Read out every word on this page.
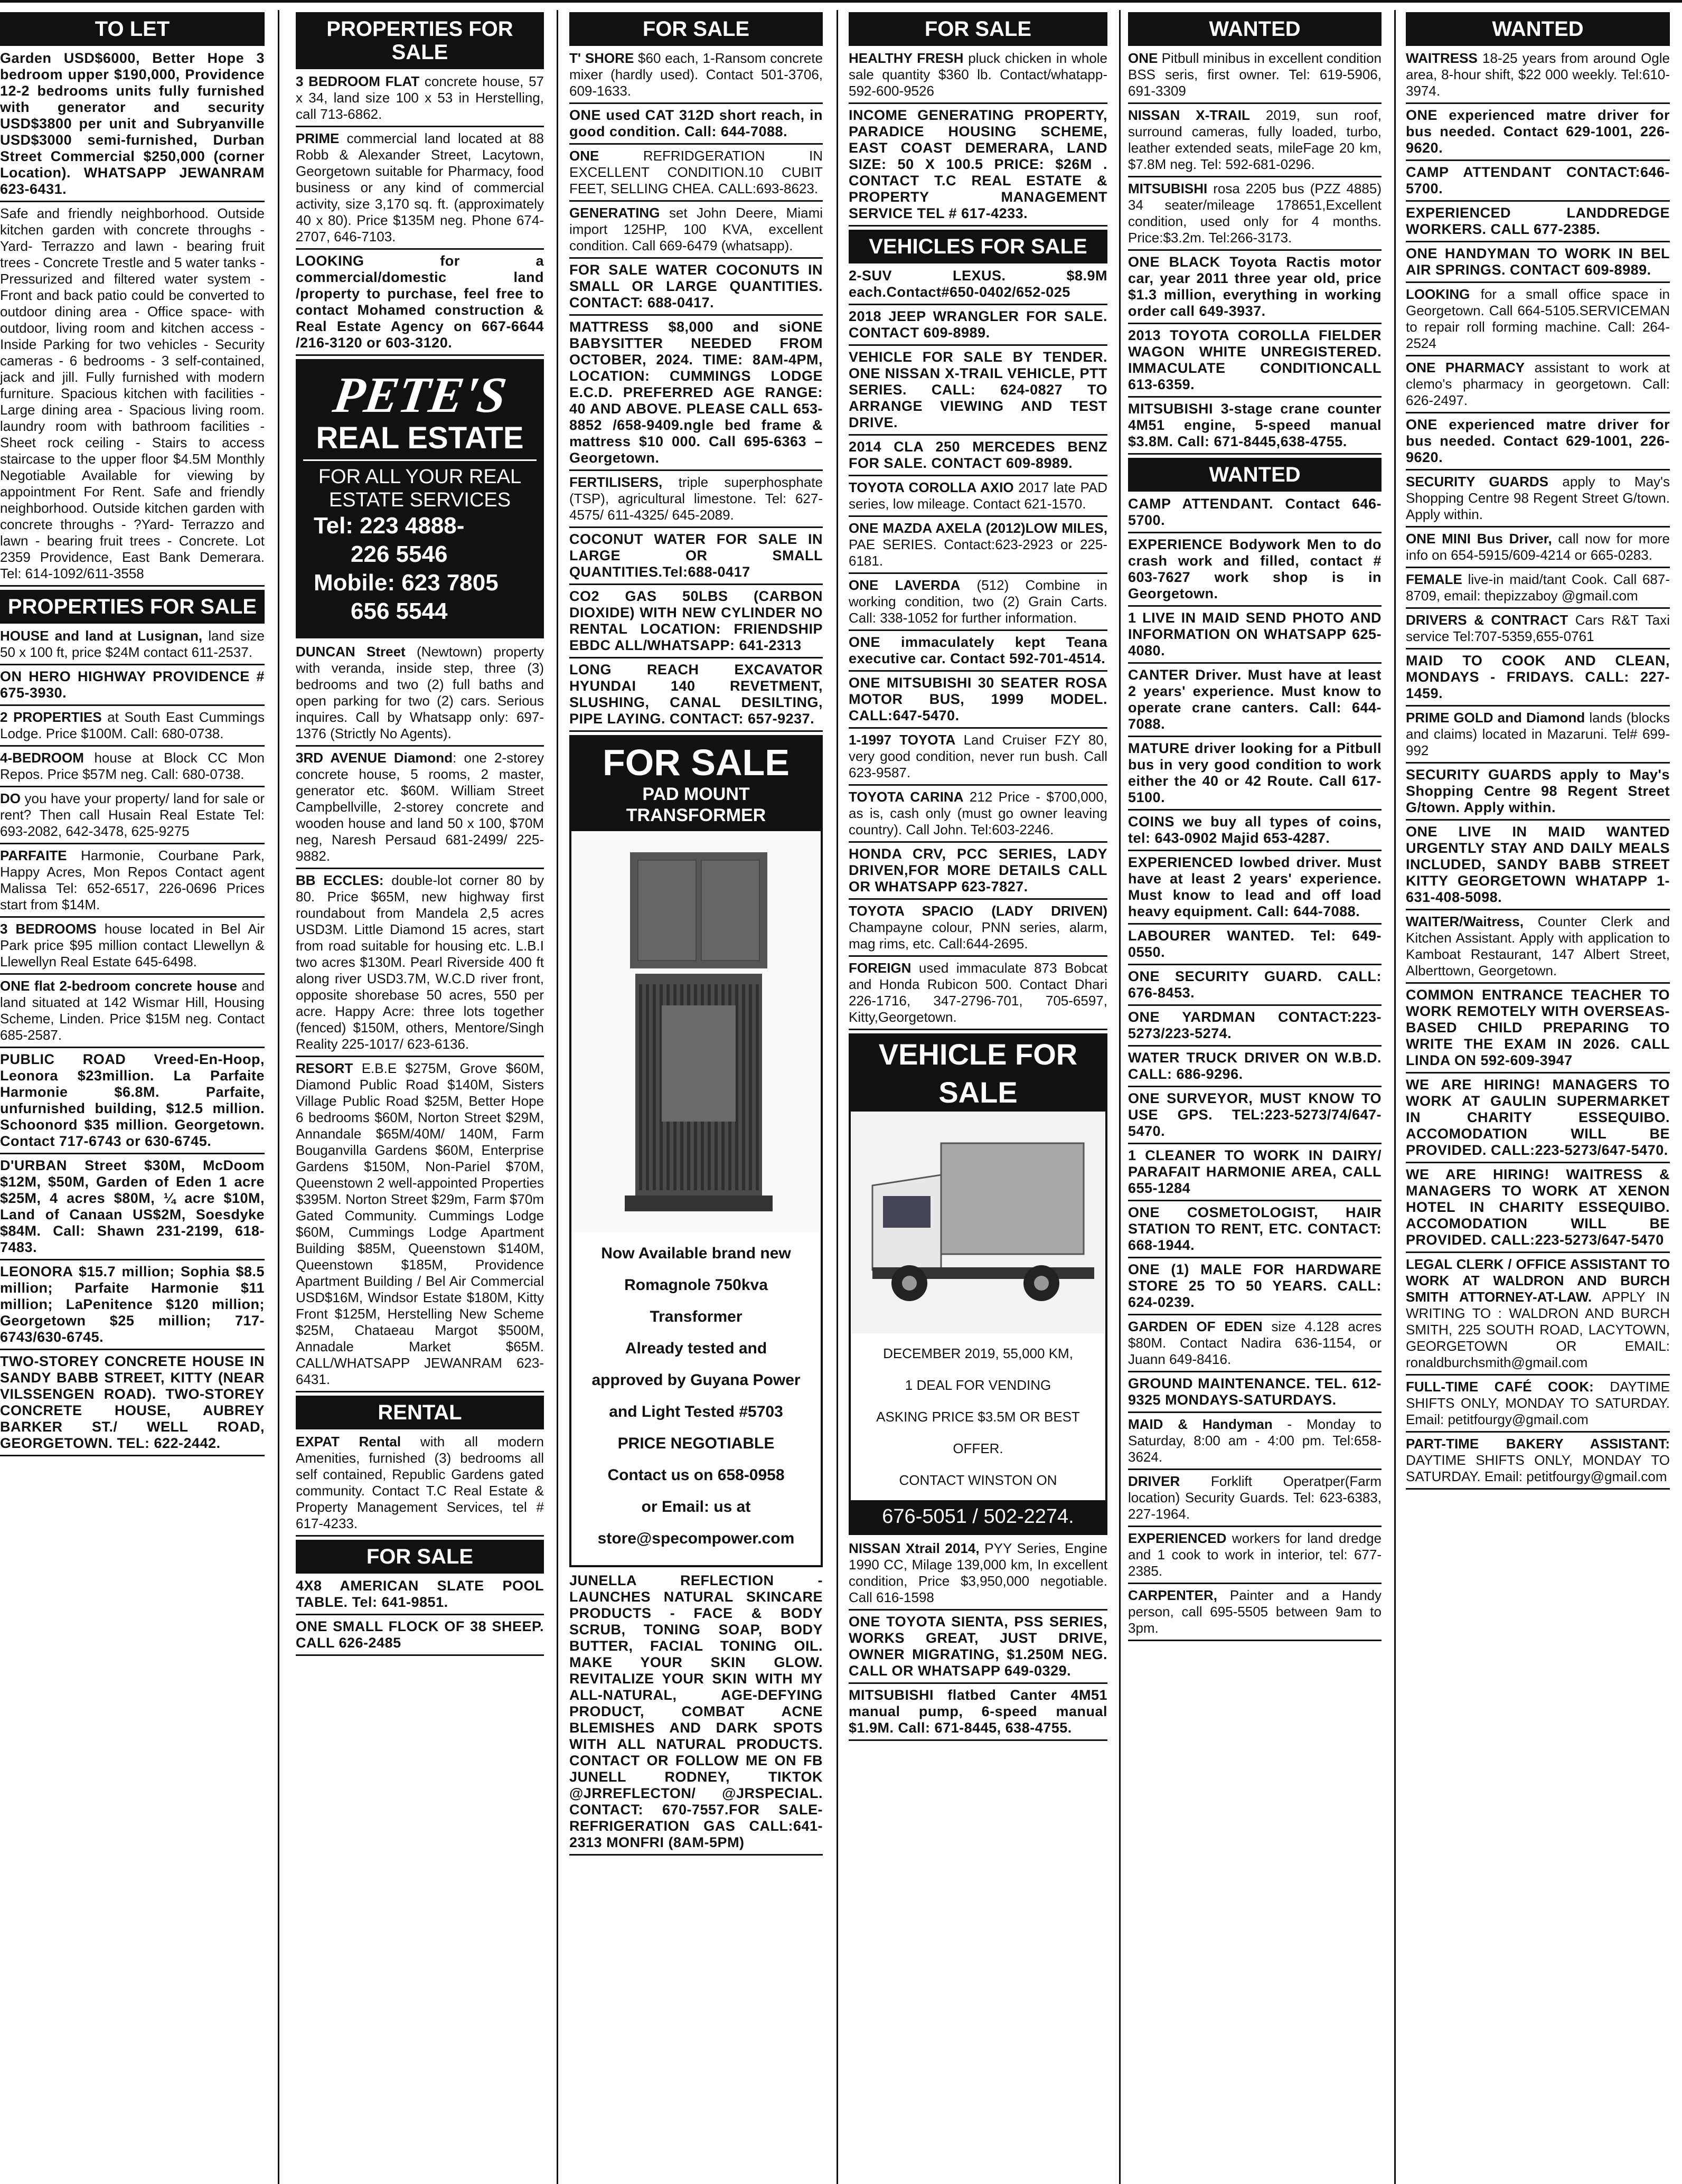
TO LET

Garden USD$6000, Better Hope 3 bedroom upper $190,000, Providence 12-2 bedrooms units fully furnished with generator and security USD$3800 per unit and Subryanville USD$3000 semi-furnished, Durban Street Commercial $250,000 (corner Location). WHATSAPP JEWANRAM 623-6431.

Safe and friendly neighborhood. Outside kitchen garden with concrete throughs - Yard- Terrazzo and lawn - bearing fruit trees - Concrete Trestle and 5 water tanks - Pressurized and filtered water system - Front and back patio could be converted to outdoor dining area - Office space- with outdoor, living room and kitchen access - Inside Parking for two vehicles - Security cameras - 6 bedrooms - 3 self-contained, jack and jill. Fully furnished with modern furniture. Spacious kitchen with facilities - Large dining area - Spacious living room. laundry room with bathroom facilities - Sheet rock ceiling - Stairs to access staircase to the upper floor $4.5M Monthly Negotiable Available for viewing by appointment For Rent. Safe and friendly neighborhood. Outside kitchen garden with concrete throughs - ?Yard- Terrazzo and lawn - bearing fruit trees - Concrete. Lot 2359 Providence, East Bank Demerara. Tel: 614-1092/611-3558

PROPERTIES FOR SALE

HOUSE and land at Lusignan, land size 50 x 100 ft, price $24M contact 611-2537.

ON HERO HIGHWAY PROVIDENCE # 675-3930.

2 PROPERTIES at South East Cummings Lodge. Price $100M. Call: 680-0738.

4-BEDROOM house at Block CC Mon Repos. Price $57M neg. Call: 680-0738.

DO you have your property/ land for sale or rent? Then call Husain Real Estate Tel: 693-2082, 642-3478, 625-9275

PARFAITE Harmonie, Courbane Park, Happy Acres, Mon Repos Contact agent Malissa Tel: 652-6517, 226-0696 Prices start from $14M.

3 BEDROOMS house located in Bel Air Park price $95 million contact Llewellyn & Llewellyn Real Estate 645-6498.

ONE flat 2-bedroom concrete house and land situated at 142 Wismar Hill, Housing Scheme, Linden. Price $15M neg. Contact 685-2587.

PUBLIC ROAD Vreed-En-Hoop, Leonora $23million. La Parfaite Harmonie $6.8M. Parfaite, unfurnished building, $12.5 million. Schoonord $35 million. Georgetown. Contact 717-6743 or 630-6745.

D'URBAN Street $30M, McDoom $12M, $50M, Garden of Eden 1 acre $25M, 4 acres $80M, ¼ acre $10M, Land of Canaan US$2M, Soesdyke $84M. Call: Shawn 231-2199, 618-7483.

LEONORA $15.7 million; Sophia $8.5 million; Parfaite Harmonie $11 million; LaPenitence $120 million; Georgetown $25 million; 717-6743/630-6745.

TWO-STOREY CONCRETE HOUSE IN SANDY BABB STREET, KITTY (NEAR VILSSENGEN ROAD). TWO-STOREY CONCRETE HOUSE, AUBREY BARKER ST./ WELL ROAD, GEORGETOWN. TEL: 622-2442.

PROPERTIES FOR SALE

3 BEDROOM FLAT concrete house, 57 x 34, land size 100 x 53 in Herstelling, call 713-6862.

PRIME commercial land located at 88 Robb & Alexander Street, Lacytown, Georgetown suitable for Pharmacy, food business or any kind of commercial activity, size 3,170 sq. ft. (approximately 40 x 80). Price $135M neg. Phone 674-2707, 646-7103.

LOOKING for a commercial/domestic land /property to purchase, feel free to contact Mohamed construction & Real Estate Agency on 667-6644 /216-3120 or 603-3120.

PETE'S
REAL ESTATE
FOR ALL YOUR REAL ESTATE SERVICES
Tel: 223 4888-
226 5546
Mobile: 623 7805
656 5544

DUNCAN Street (Newtown) property with veranda, inside step, three (3) bedrooms and two (2) full baths and open parking for two (2) cars. Serious inquires. Call by Whatsapp only: 697-1376 (Strictly No Agents).

3RD AVENUE Diamond: one 2-storey concrete house, 5 rooms, 2 master, generator etc. $60M. William Street Campbellville, 2-storey concrete and wooden house and land 50 x 100, $70M neg, Naresh Persaud 681-2499/ 225-9882.

BB ECCLES: double-lot corner 80 by 80. Price $65M, new highway first roundabout from Mandela 2,5 acres USD3M. Little Diamond 15 acres, start from road suitable for housing etc. L.B.I two acres $130M. Pearl Riverside 400 ft along river USD3.7M, W.C.D river front, opposite shorebase 50 acres, 550 per acre. Happy Acre: three lots together (fenced) $150M, others, Mentore/Singh Reality 225-1017/ 623-6136.

RESORT E.B.E $275M, Grove $60M, Diamond Public Road $140M, Sisters Village Public Road $25M, Better Hope 6 bedrooms $60M, Norton Street $29M, Annandale $65M/40M/ 140M, Farm Bouganvilla Gardens $60M, Enterprise Gardens $150M, Non-Pariel $70M, Queenstown 2 well-appointed Properties $395M. Norton Street $29m, Farm $70m Gated Community. Cummings Lodge $60M, Cummings Lodge Apartment Building $85M, Queenstown $140M, Queenstown $185M, Providence Apartment Building / Bel Air Commercial USD$16M, Windsor Estate $180M, Kitty Front $125M, Herstelling New Scheme $25M, Chataeau Margot $500M, Annadale Market $65M. CALL/WHATSAPP JEWANRAM 623-6431.

RENTAL

EXPAT Rental with all modern Amenities, furnished (3) bedrooms all self contained, Republic Gardens gated community. Contact T.C Real Estate & Property Management Services, tel # 617-4233.

FOR SALE

4X8 AMERICAN SLATE POOL TABLE. Tel: 641-9851.

ONE SMALL FLOCK OF 38 SHEEP. CALL 626-2485

FOR SALE

T' SHORE $60 each, 1-Ransom concrete mixer (hardly used). Contact 501-3706, 609-1633.

ONE used CAT 312D short reach, in good condition. Call: 644-7088.

ONE REFRIDGERATION IN EXCELLENT CONDITION.10 CUBIT FEET, SELLING CHEA. CALL:693-8623.

GENERATING set John Deere, Miami import 125HP, 100 KVA, excellent condition. Call 669-6479 (whatsapp).

FOR SALE WATER COCONUTS IN SMALL OR LARGE QUANTITIES. CONTACT: 688-0417.

MATTRESS $8,000 and siONE BABYSITTER NEEDED FROM OCTOBER, 2024. TIME: 8AM-4PM, LOCATION: CUMMINGS LODGE E.C.D. PREFERRED AGE RANGE: 40 AND ABOVE. PLEASE CALL 653-8852 /658-9409.ngle bed frame & mattress $10 000. Call 695-6363 – Georgetown.

FERTILISERS, triple superphosphate (TSP), agricultural limestone. Tel: 627-4575/ 611-4325/ 645-2089.

COCONUT WATER FOR SALE IN LARGE OR SMALL QUANTITIES.Tel:688-0417

CO2 GAS 50LBS (CARBON DIOXIDE) WITH NEW CYLINDER NO RENTAL LOCATION: FRIENDSHIP EBDC ALL/WHATSAPP: 641-2313

LONG REACH EXCAVATOR HYUNDAI 140 REVETMENT, SLUSHING, CANAL DESILTING, PIPE LAYING. CONTACT: 657-9237.

FOR SALE
PAD MOUNT TRANSFORMER
Now Available brand new
Romagnole 750kva
Transformer
Already tested and
approved by Guyana Power
and Light Tested #5703
PRICE NEGOTIABLE
Contact us on 658-0958
or Email: us at
store@specompower.com

JUNELLA REFLECTION - LAUNCHES NATURAL SKINCARE PRODUCTS - FACE & BODY SCRUB, TONING SOAP, BODY BUTTER, FACIAL TONING OIL. MAKE YOUR SKIN GLOW. REVITALIZE YOUR SKIN WITH MY ALL-NATURAL, AGE-DEFYING PRODUCT, COMBAT ACNE BLEMISHES AND DARK SPOTS WITH ALL NATURAL PRODUCTS. CONTACT OR FOLLOW ME ON FB JUNELL RODNEY, TIKTOK @JRREFLECTON/ @JRSPECIAL. CONTACT: 670-7557.FOR SALE- REFRIGERATION GAS CALL:641-2313 MONFRI (8AM-5PM)

FOR SALE

HEALTHY FRESH pluck chicken in whole sale quantity $360 lb. Contact/whatapp- 592-600-9526

INCOME GENERATING PROPERTY, PARADICE HOUSING SCHEME, EAST COAST DEMERARA, LAND SIZE: 50 X 100.5 PRICE: $26M . CONTACT T.C REAL ESTATE & PROPERTY MANAGEMENT SERVICE TEL # 617-4233.

VEHICLES FOR SALE

2-SUV LEXUS. $8.9M each.Contact#650-0402/652-025

2018 JEEP WRANGLER FOR SALE. CONTACT 609-8989.

VEHICLE FOR SALE BY TENDER. ONE NISSAN X-TRAIL VEHICLE, PTT SERIES. CALL: 624-0827 TO ARRANGE VIEWING AND TEST DRIVE.

2014 CLA 250 MERCEDES BENZ FOR SALE. CONTACT 609-8989.

TOYOTA COROLLA AXIO 2017 late PAD series, low mileage. Contact 621-1570.

ONE MAZDA AXELA (2012)LOW MILES, PAE SERIES. Contact:623-2923 or 225-6181.

ONE LAVERDA (512) Combine in working condition, two (2) Grain Carts. Call: 338-1052 for further information.

ONE immaculately kept Teana executive car. Contact 592-701-4514.

ONE MITSUBISHI 30 SEATER ROSA MOTOR BUS, 1999 MODEL. CALL:647-5470.

1-1997 TOYOTA Land Cruiser FZY 80, very good condition, never run bush. Call 623-9587.

TOYOTA CARINA 212 Price - $700,000, as is, cash only (must go owner leaving country). Call John. Tel:603-2246.

HONDA CRV, PCC SERIES, LADY DRIVEN,FOR MORE DETAILS CALL OR WHATSAPP 623-7827.

TOYOTA SPACIO (LADY DRIVEN) Champayne colour, PNN series, alarm, mag rims, etc. Call:644-2695.

FOREIGN used immaculate 873 Bobcat and Honda Rubicon 500. Contact Dhari 226-1716, 347-2796-701, 705-6597, Kitty,Georgetown.

VEHICLE FOR SALE
DECEMBER 2019, 55,000 KM,
1 DEAL FOR VENDING
ASKING PRICE $3.5M OR BEST
OFFER.
CONTACT WINSTON ON
676-5051 / 502-2274.

NISSAN Xtrail 2014, PYY Series, Engine 1990 CC, Milage 139,000 km, In excellent condition, Price $3,950,000 negotiable. Call 616-1598

ONE TOYOTA SIENTA, PSS SERIES, WORKS GREAT, JUST DRIVE, OWNER MIGRATING, $1.250M NEG. CALL OR WHATSAPP 649-0329.

MITSUBISHI flatbed Canter 4M51 manual pump, 6-speed manual $1.9M. Call: 671-8445, 638-4755.

WANTED

ONE Pitbull minibus in excellent condition BSS seris, first owner. Tel: 619-5906, 691-3309

NISSAN X-TRAIL 2019, sun roof, surround cameras, fully loaded, turbo, leather extended seats, mileFage 20 km, $7.8M neg. Tel: 592-681-0296.

MITSUBISHI rosa 2205 bus (PZZ 4885) 34 seater/mileage 178651,Excellent condition, used only for 4 months. Price:$3.2m. Tel:266-3173.

ONE BLACK Toyota Ractis motor car, year 2011 three year old, price $1.3 million, everything in working order call 649-3937.

2013 TOYOTA COROLLA FIELDER WAGON WHITE UNREGISTERED. IMMACULATE CONDITIONCALL 613-6359.

MITSUBISHI 3-stage crane counter 4M51 engine, 5-speed manual $3.8M. Call: 671-8445,638-4755.

WANTED

CAMP ATTENDANT. Contact 646-5700.

EXPERIENCE Bodywork Men to do crash work and filled, contact # 603-7627 work shop is in Georgetown.

1 LIVE IN MAID SEND PHOTO AND INFORMATION ON WHATSAPP 625-4080.

CANTER Driver. Must have at least 2 years' experience. Must know to operate crane canters. Call: 644-7088.

MATURE driver looking for a Pitbull bus in very good condition to work either the 40 or 42 Route. Call 617-5100.

COINS we buy all types of coins, tel: 643-0902 Majid 653-4287.

EXPERIENCED lowbed driver. Must have at least 2 years' experience. Must know to lead and off load heavy equipment. Call: 644-7088.

LABOURER WANTED. Tel: 649-0550.

ONE SECURITY GUARD. CALL: 676-8453.

ONE YARDMAN CONTACT:223-5273/223-5274.

WATER TRUCK DRIVER ON W.B.D. CALL: 686-9296.

ONE SURVEYOR, MUST KNOW TO USE GPS. TEL:223-5273/74/647-5470.

1 CLEANER TO WORK IN DAIRY/ PARAFAIT HARMONIE AREA, CALL 655-1284

ONE COSMETOLOGIST, HAIR STATION TO RENT, ETC. CONTACT: 668-1944.

ONE (1) MALE FOR HARDWARE STORE 25 TO 50 YEARS. CALL: 624-0239.

GARDEN OF EDEN size 4.128 acres $80M. Contact Nadira 636-1154, or Juann 649-8416.

GROUND MAINTENANCE. TEL. 612-9325 MONDAYS-SATURDAYS.

MAID & Handyman - Monday to Saturday, 8:00 am - 4:00 pm. Tel:658-3624.

DRIVER Forklift Operatper(Farm location) Security Guards. Tel: 623-6383, 227-1964.

EXPERIENCED workers for land dredge and 1 cook to work in interior, tel: 677-2385.

CARPENTER, Painter and a Handy person, call 695-5505 between 9am to 3pm.

WANTED

WAITRESS 18-25 years from around Ogle area, 8-hour shift, $22 000 weekly. Tel:610-3974.

ONE experienced matre driver for bus needed. Contact 629-1001, 226-9620.

CAMP ATTENDANT CONTACT:646-5700.

EXPERIENCED LANDDREDGE WORKERS. CALL 677-2385.

ONE HANDYMAN TO WORK IN BEL AIR SPRINGS. CONTACT 609-8989.

LOOKING for a small office space in Georgetown. Call 664-5105.SERVICEMAN to repair roll forming machine. Call: 264-2524

ONE PHARMACY assistant to work at clemo's pharmacy in georgetown. Call: 626-2497.

ONE experienced matre driver for bus needed. Contact 629-1001, 226-9620.

SECURITY GUARDS apply to May's Shopping Centre 98 Regent Street G/town. Apply within.

ONE MINI Bus Driver, call now for more info on 654-5915/609-4214 or 665-0283.

FEMALE live-in maid/tant Cook. Call 687-8709, email: thepizzaboy @gmail.com

DRIVERS & CONTRACT Cars R&T Taxi service Tel:707-5359,655-0761

MAID TO COOK AND CLEAN, MONDAYS - FRIDAYS. CALL: 227-1459.

PRIME GOLD and Diamond lands (blocks and claims) located in Mazaruni. Tel# 699-992

SECURITY GUARDS apply to May's Shopping Centre 98 Regent Street G/town. Apply within.

ONE LIVE IN MAID WANTED URGENTLY STAY AND DAILY MEALS INCLUDED, SANDY BABB STREET KITTY GEORGETOWN WHATAPP 1-631-408-5098.

WAITER/Waitress, Counter Clerk and Kitchen Assistant. Apply with application to Kamboat Restaurant, 147 Albert Street, Alberttown, Georgetown.

COMMON ENTRANCE TEACHER TO WORK REMOTELY WITH OVERSEAS-BASED CHILD PREPARING TO WRITE THE EXAM IN 2026. CALL LINDA ON 592-609-3947

WE ARE HIRING! MANAGERS TO WORK AT GAULIN SUPERMARKET IN CHARITY ESSEQUIBO. ACCOMODATION WILL BE PROVIDED. CALL:223-5273/647-5470.

WE ARE HIRING! WAITRESS & MANAGERS TO WORK AT XENON HOTEL IN CHARITY ESSEQUIBO. ACCOMODATION WILL BE PROVIDED. CALL:223-5273/647-5470

LEGAL CLERK / OFFICE ASSISTANT TO WORK AT WALDRON AND BURCH SMITH ATTORNEY-AT-LAW. APPLY IN WRITING TO : WALDRON AND BURCH SMITH, 225 SOUTH ROAD, LACYTOWN, GEORGETOWN OR EMAIL: ronaldburchsmith@gmail.com

FULL-TIME CAFÉ COOK: DAYTIME SHIFTS ONLY, MONDAY TO SATURDAY. Email: petitfourgy@gmail.com

PART-TIME BAKERY ASSISTANT: DAYTIME SHIFTS ONLY, MONDAY TO SATURDAY. Email: petitfourgy@gmail.com
